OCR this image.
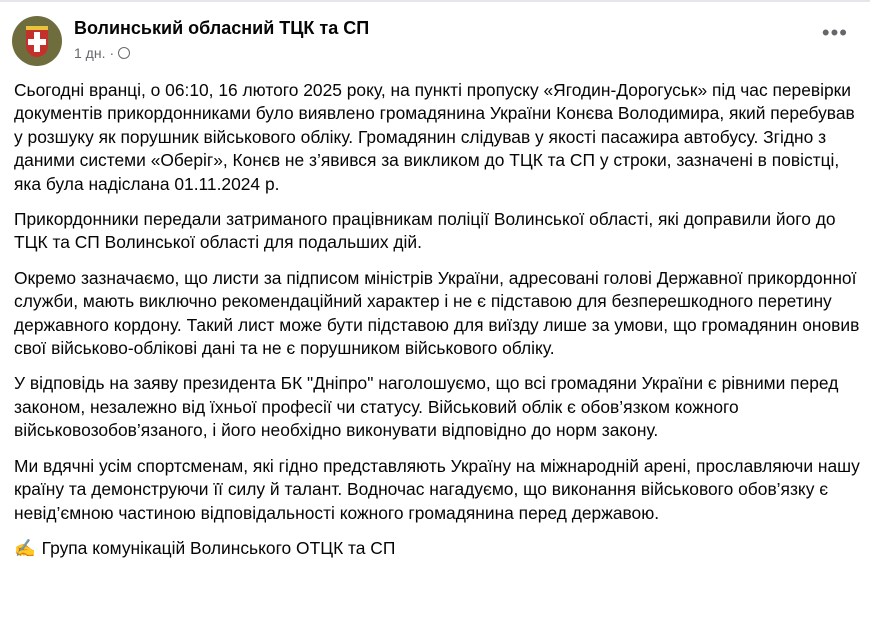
Волинський обласний ТЦК та СП
1 дн. ·
•••

Сьогодні вранці, о 06:10, 16 лютого 2025 року, на пункті пропуску «Ягодин-Дорогуськ» під час перевірки документів прикордонниками було виявлено громадянина України Конєва Володимира, який перебував у розшуку як порушник військового обліку. Громадянин слідував у якості пасажира автобусу. Згідно з даними системи «Оберіг», Конєв не з’явився за викликом до ТЦК та СП у строки, зазначені в повістці, яка була надіслана 01.11.2024 р.

Прикордонники передали затриманого працівникам поліції Волинської області, які доправили його до ТЦК та СП Волинської області для подальших дій.

Окремо зазначаємо, що листи за підписом міністрів України, адресовані голові Державної прикордонної служби, мають виключно рекомендаційний характер і не є підставою для безперешкодного перетину державного кордону. Такий лист може бути підставою для виїзду лише за умови, що громадянин оновив свої військово-облікові дані та не є порушником військового обліку.

У відповідь на заяву президента БК "Дніпро" наголошуємо, що всі громадяни України є рівними перед законом, незалежно від їхньої професії чи статусу. Військовий облік є обов’язком кожного військовозобов’язаного, і його необхідно виконувати відповідно до норм закону.

Ми вдячні усім спортсменам, які гідно представляють Україну на міжнародній арені, прославляючи нашу країну та демонструючи її силу й талант. Водночас нагадуємо, що виконання військового обов’язку є невід’ємною частиною відповідальності кожного громадянина перед державою.

✍️ Група комунікацій Волинського ОТЦК та СП
